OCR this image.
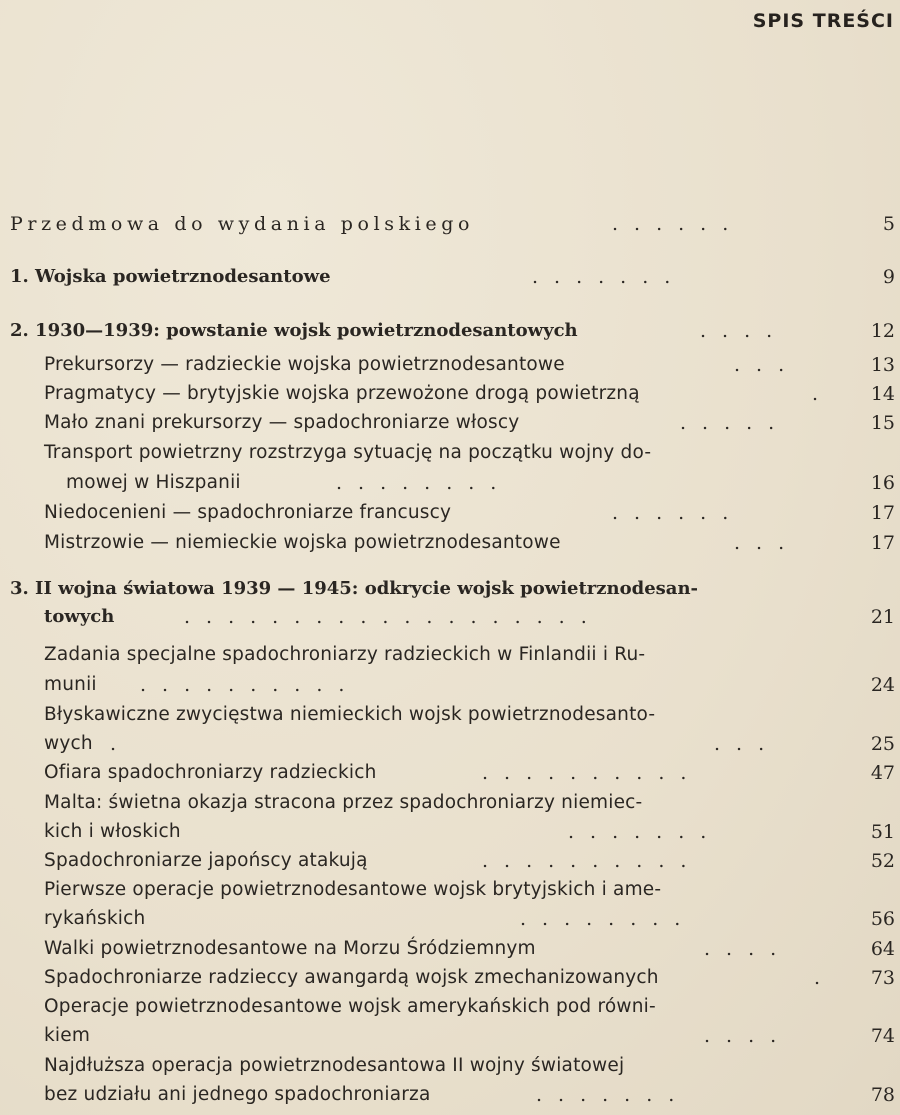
SPIS TREŚCI
Przedmowa do wydania polskiego	......	5
1. Wojska powietrznodesantowe	.......	9
2. 1930—1939: powstanie wojsk powietrznodesantowych	....	12
Prekursorzy — radzieckie wojska powietrznodesantowe	...	13
Pragmatycy — brytyjskie wojska przewożone drogą powietrzną	. 14
Mało znani prekursorzy — spadochroniarze włoscy	.....	15
Transport powietrzny rozstrzyga sytuację na początku wojny do-
mowej w Hiszpanii	........	16
Niedocenieni — spadochroniarze francuscy	......	17
Mistrzowie — niemieckie wojska powietrznodesantowe	...	17
3. II wojna światowa 1939 — 1945: odkrycie wojsk powietrznodesan-
towych	...................	21
Zadania specjalne spadochroniarzy radzieckich w Finlandii i Ru-
munii ..........	24
Błyskawiczne zwycięstwa niemieckich wojsk powietrznodesanto-
wych .	...	25
Ofiara spadochroniarzy radzieckich	..........	47
Malta: świetna okazja stracona przez spadochroniarzy niemiec-
kich i włoskich	.......	51
Spadochroniarze japońscy atakują	..........	52
Pierwsze operacje powietrznodesantowe wojsk brytyjskich i ame-
rykańskich	........	56
Walki powietrznodesantowe na Morzu Śródziemnym	....	64
Spadochroniarze radzieccy awangardą wojsk zmechanizowanych	. 73
Operacje powietrznodesantowe wojsk amerykańskich pod równi-
kiem	....	74
Najdłuższa operacja powietrznodesantowa II wojny światowej
bez udziału ani jednego spadochroniarza	.......	78
